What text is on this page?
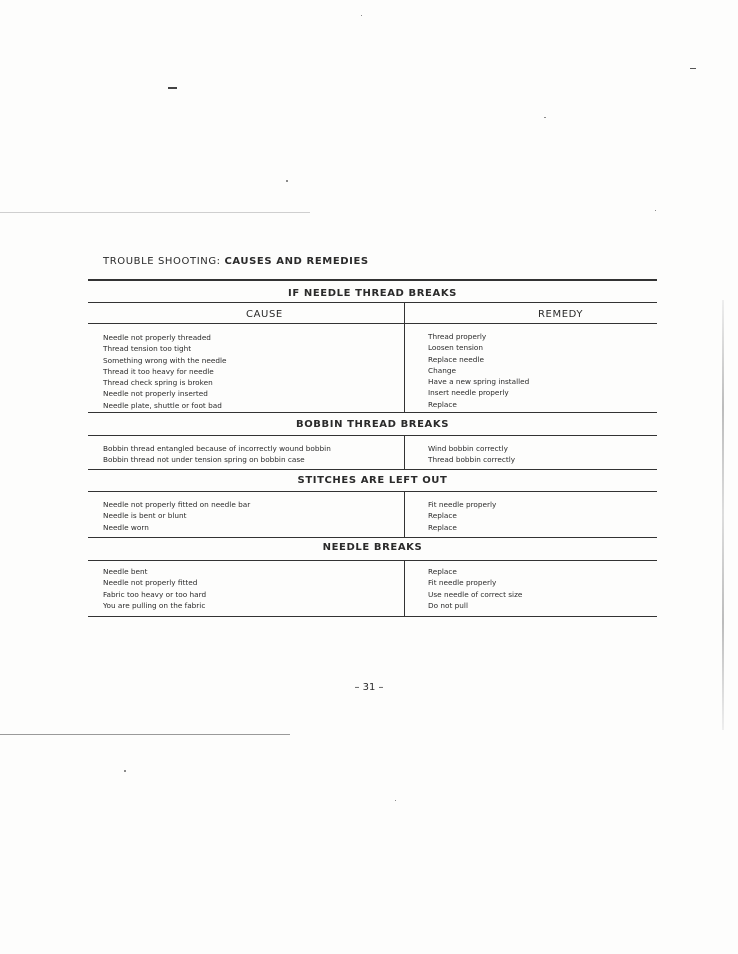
TROUBLE SHOOTING: CAUSES AND REMEDIES
IF NEEDLE THREAD BREAKS
BOBBIN THREAD BREAKS
STITCHES ARE LEFT OUT
NEEDLE BREAKS
CAUSE	REMEDY
Needle not properly threaded
Thread tension too tight
Something wrong with the needle
Thread it too heavy for needle
Thread check spring is broken
Needle not properly inserted
Needle plate, shuttle or foot bad
Thread properly
Loosen tension
Replace needle
Change
Have a new spring installed
Insert needle properly
Replace
Bobbin thread entangled because of incorrectly wound bobbin
Bobbin thread not under tension spring on bobbin case
Wind bobbin correctly
Thread bobbin correctly
Needle not properly fitted on needle bar
Needle is bent or blunt
Needle worn
Fit needle properly
Replace
Replace
Needle bent
Needle not properly fitted
Fabric too heavy or too hard
You are pulling on the fabric
Replace
Fit needle properly
Use needle of correct size
Do not pull
– 31 –
